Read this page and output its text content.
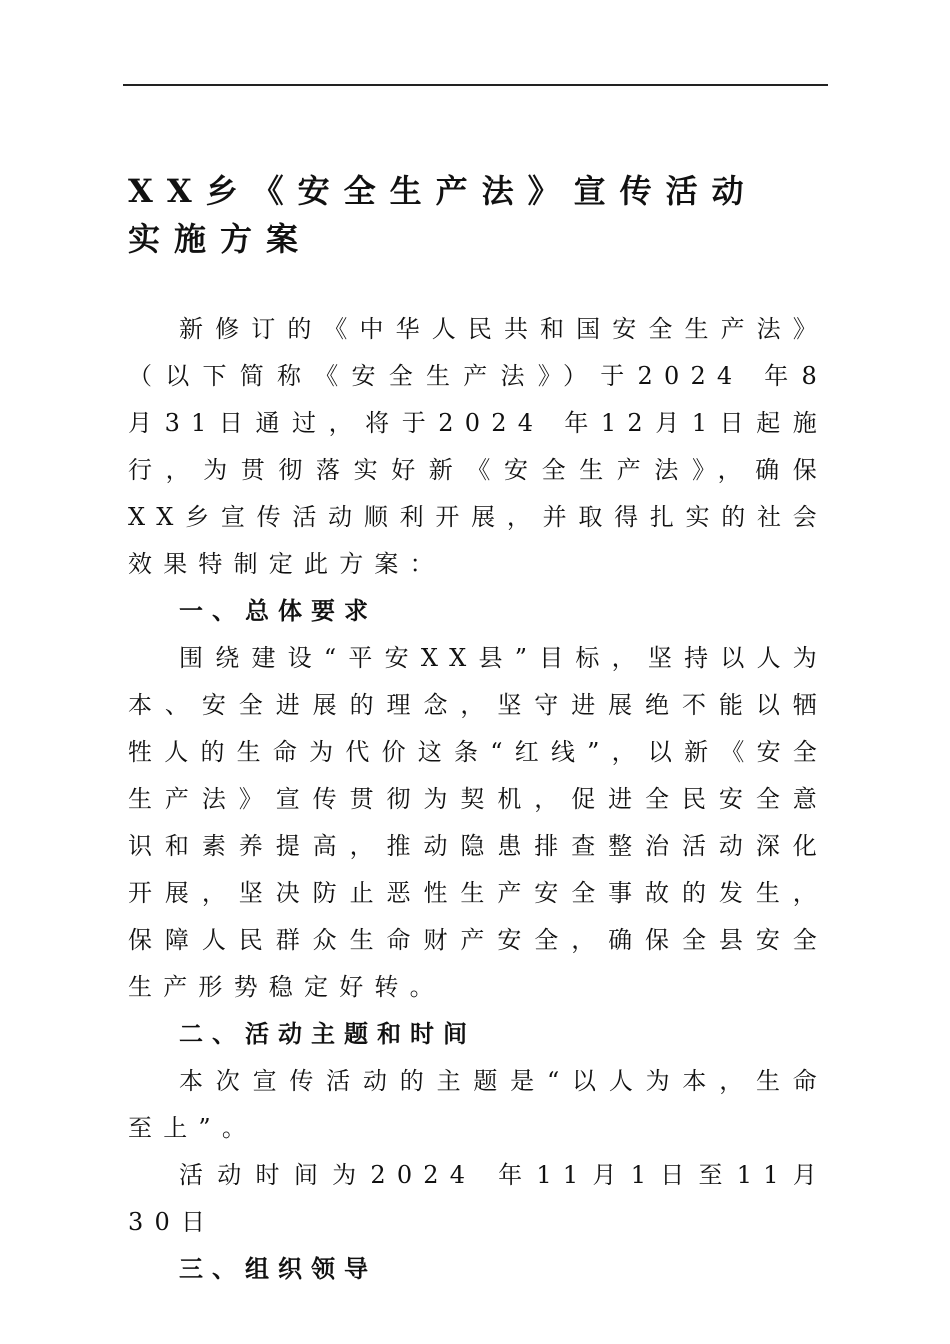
XX乡《安全生产法》宣传活动
实施方案

新修订的《中华人民共和国安全生产法》（以下简称《安全生产法》）于2024 年8月31日通过，将于2024 年12月1日起施行，为贯彻落实好新《安全生产法》，确保XX乡宣传活动顺利开展，并取得扎实的社会效果特制定此方案：

一、总体要求

围绕建设“平安XX县”目标，坚持以人为本、安全进展的理念，坚守进展绝不能以牺牲人的生命为代价这条“红线”，以新《安全生产法》宣传贯彻为契机，促进全民安全意识和素养提高，推动隐患排查整治活动深化开展，坚决防止恶性生产安全事故的发生，保障人民群众生命财产安全，确保全县安全生产形势稳定好转。

二、活动主题和时间

本次宣传活动的主题是“以人为本，生命至上”。

活动时间为2024 年11月1日至11月30日

三、组织领导
